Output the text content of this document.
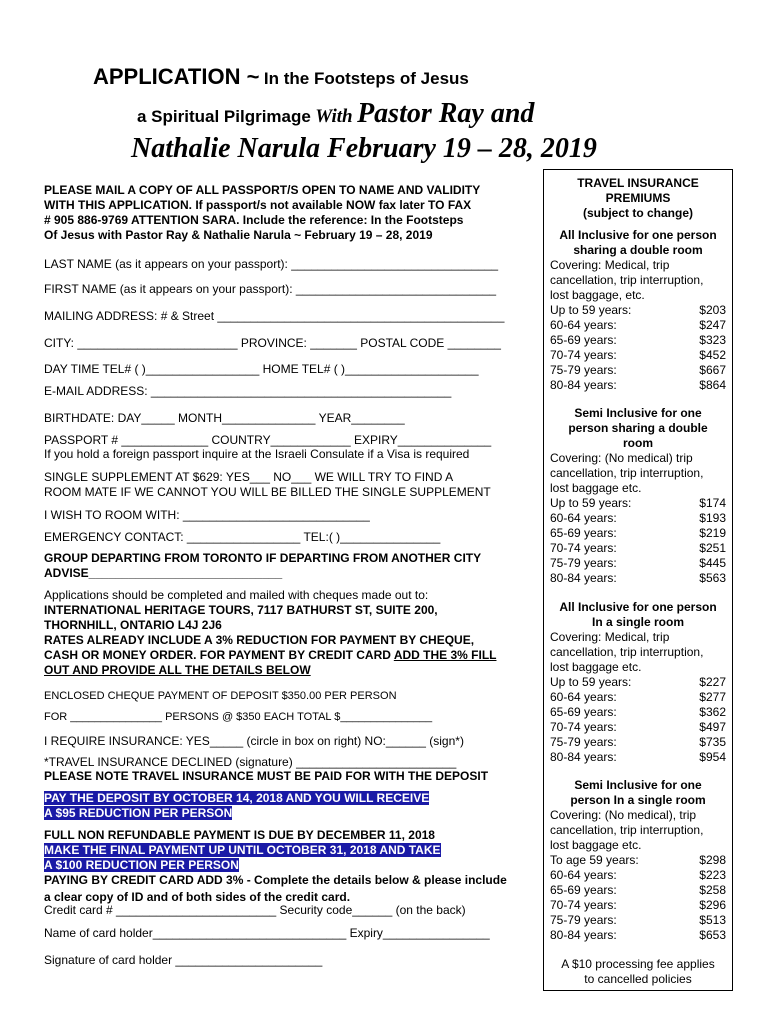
APPLICATION ~ In the Footsteps of Jesus
a Spiritual Pilgrimage With Pastor Ray and
Nathalie Narula February 19 – 28, 2019
PLEASE MAIL A COPY OF ALL PASSPORT/S OPEN TO NAME AND VALIDITY
WITH THIS APPLICATION. If passport/s not available NOW fax later TO FAX
# 905 886-9769 ATTENTION SARA. Include the reference: In the Footsteps
Of Jesus with Pastor Ray & Nathalie Narula ~ February 19 – 28, 2019
LAST NAME (as it appears on your passport): _______________________________
FIRST NAME (as it appears on your passport): ______________________________
MAILING ADDRESS: # & Street ___________________________________________
CITY: ________________________ PROVINCE: _______ POSTAL CODE ________
DAY TIME TEL# ( )_________________ HOME TEL# ( )____________________
E-MAIL ADDRESS: _____________________________________________
BIRTHDATE: DAY_____ MONTH______________ YEAR________
PASSPORT # _____________ COUNTRY____________ EXPIRY______________
If you hold a foreign passport inquire at the Israeli Consulate if a Visa is required
SINGLE SUPPLEMENT AT $629: YES___ NO___ WE WILL TRY TO FIND A
ROOM MATE IF WE CANNOT YOU WILL BE BILLED THE SINGLE SUPPLEMENT
I WISH TO ROOM WITH: ____________________________
EMERGENCY CONTACT: _________________ TEL:( )_______________
GROUP DEPARTING FROM TORONTO IF DEPARTING FROM ANOTHER CITY
ADVISE_____________________________
Applications should be completed and mailed with cheques made out to:
INTERNATIONAL HERITAGE TOURS, 7117 BATHURST ST, SUITE 200,
THORNHILL, ONTARIO L4J 2J6
RATES ALREADY INCLUDE A 3% REDUCTION FOR PAYMENT BY CHEQUE,
CASH OR MONEY ORDER. FOR PAYMENT BY CREDIT CARD ADD THE 3% FILL
OUT AND PROVIDE ALL THE DETAILS BELOW
ENCLOSED CHEQUE PAYMENT OF DEPOSIT $350.00 PER PERSON
FOR _______________ PERSONS @ $350 EACH TOTAL $_______________
I REQUIRE INSURANCE: YES_____ (circle in box on right) NO:______ (sign*)
*TRAVEL INSURANCE DECLINED (signature) ________________________
PLEASE NOTE TRAVEL INSURANCE MUST BE PAID FOR WITH THE DEPOSIT
PAY THE DEPOSIT BY OCTOBER 14, 2018 AND YOU WILL RECEIVE
A $95 REDUCTION PER PERSON
FULL NON REFUNDABLE PAYMENT IS DUE BY DECEMBER 11, 2018
MAKE THE FINAL PAYMENT UP UNTIL OCTOBER 31, 2018 AND TAKE
A $100 REDUCTION PER PERSON
PAYING BY CREDIT CARD ADD 3% - Complete the details below & please include
a clear copy of ID and of both sides of the credit card.
Credit card # ________________________ Security code______ (on the back)
Name of card holder_____________________________ Expiry________________
Signature of card holder ______________________
TRAVEL INSURANCE
PREMIUMS
(subject to change)
All Inclusive for one person
sharing a double room
Covering: Medical, trip
cancellation, trip interruption,
lost baggage, etc.
Up to 59 years:	$203
60-64 years:	$247
65-69 years:	$323
70-74 years:	$452
75-79 years:	$667
80-84 years:	$864
Semi Inclusive for one
person sharing a double
room
Covering: (No medical) trip
cancellation, trip interruption,
lost baggage etc.
Up to 59 years:	$174
60-64 years:	$193
65-69 years:	$219
70-74 years:	$251
75-79 years:	$445
80-84 years:	$563
All Inclusive for one person
In a single room
Covering: Medical, trip
cancellation, trip interruption,
lost baggage etc.
Up to 59 years:	$227
60-64 years:	$277
65-69 years:	$362
70-74 years:	$497
75-79 years:	$735
80-84 years:	$954
Semi Inclusive for one
person In a single room
Covering: (No medical), trip
cancellation, trip interruption,
lost baggage etc.
To age 59 years:	$298
60-64 years:	$223
65-69 years:	$258
70-74 years:	$296
75-79 years:	$513
80-84 years:	$653
A $10 processing fee applies
to cancelled policies
